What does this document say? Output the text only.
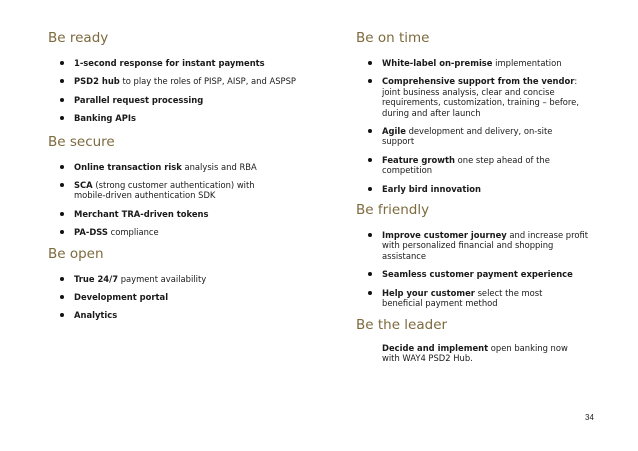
Be ready
1-second response for instant payments
PSD2 hub to play the roles of PISP, AISP, and ASPSP
Parallel request processing
Banking APIs
Be secure
Online transaction risk analysis and RBA
SCA (strong customer authentication) with mobile-driven authentication SDK
Merchant TRA-driven tokens
PA-DSS compliance
Be open
True 24/7 payment availability
Development portal
Analytics
Be on time
White-label on-premise implementation
Comprehensive support from the vendor: joint business analysis, clear and concise requirements, customization, training – before, during and after launch
Agile development and delivery, on-site support
Feature growth one step ahead of the competition
Early bird innovation
Be friendly
Improve customer journey and increase profit with personalized financial and shopping assistance
Seamless customer payment experience
Help your customer select the most beneficial payment method
Be the leader
Decide and implement open banking now with WAY4 PSD2 Hub.
34
